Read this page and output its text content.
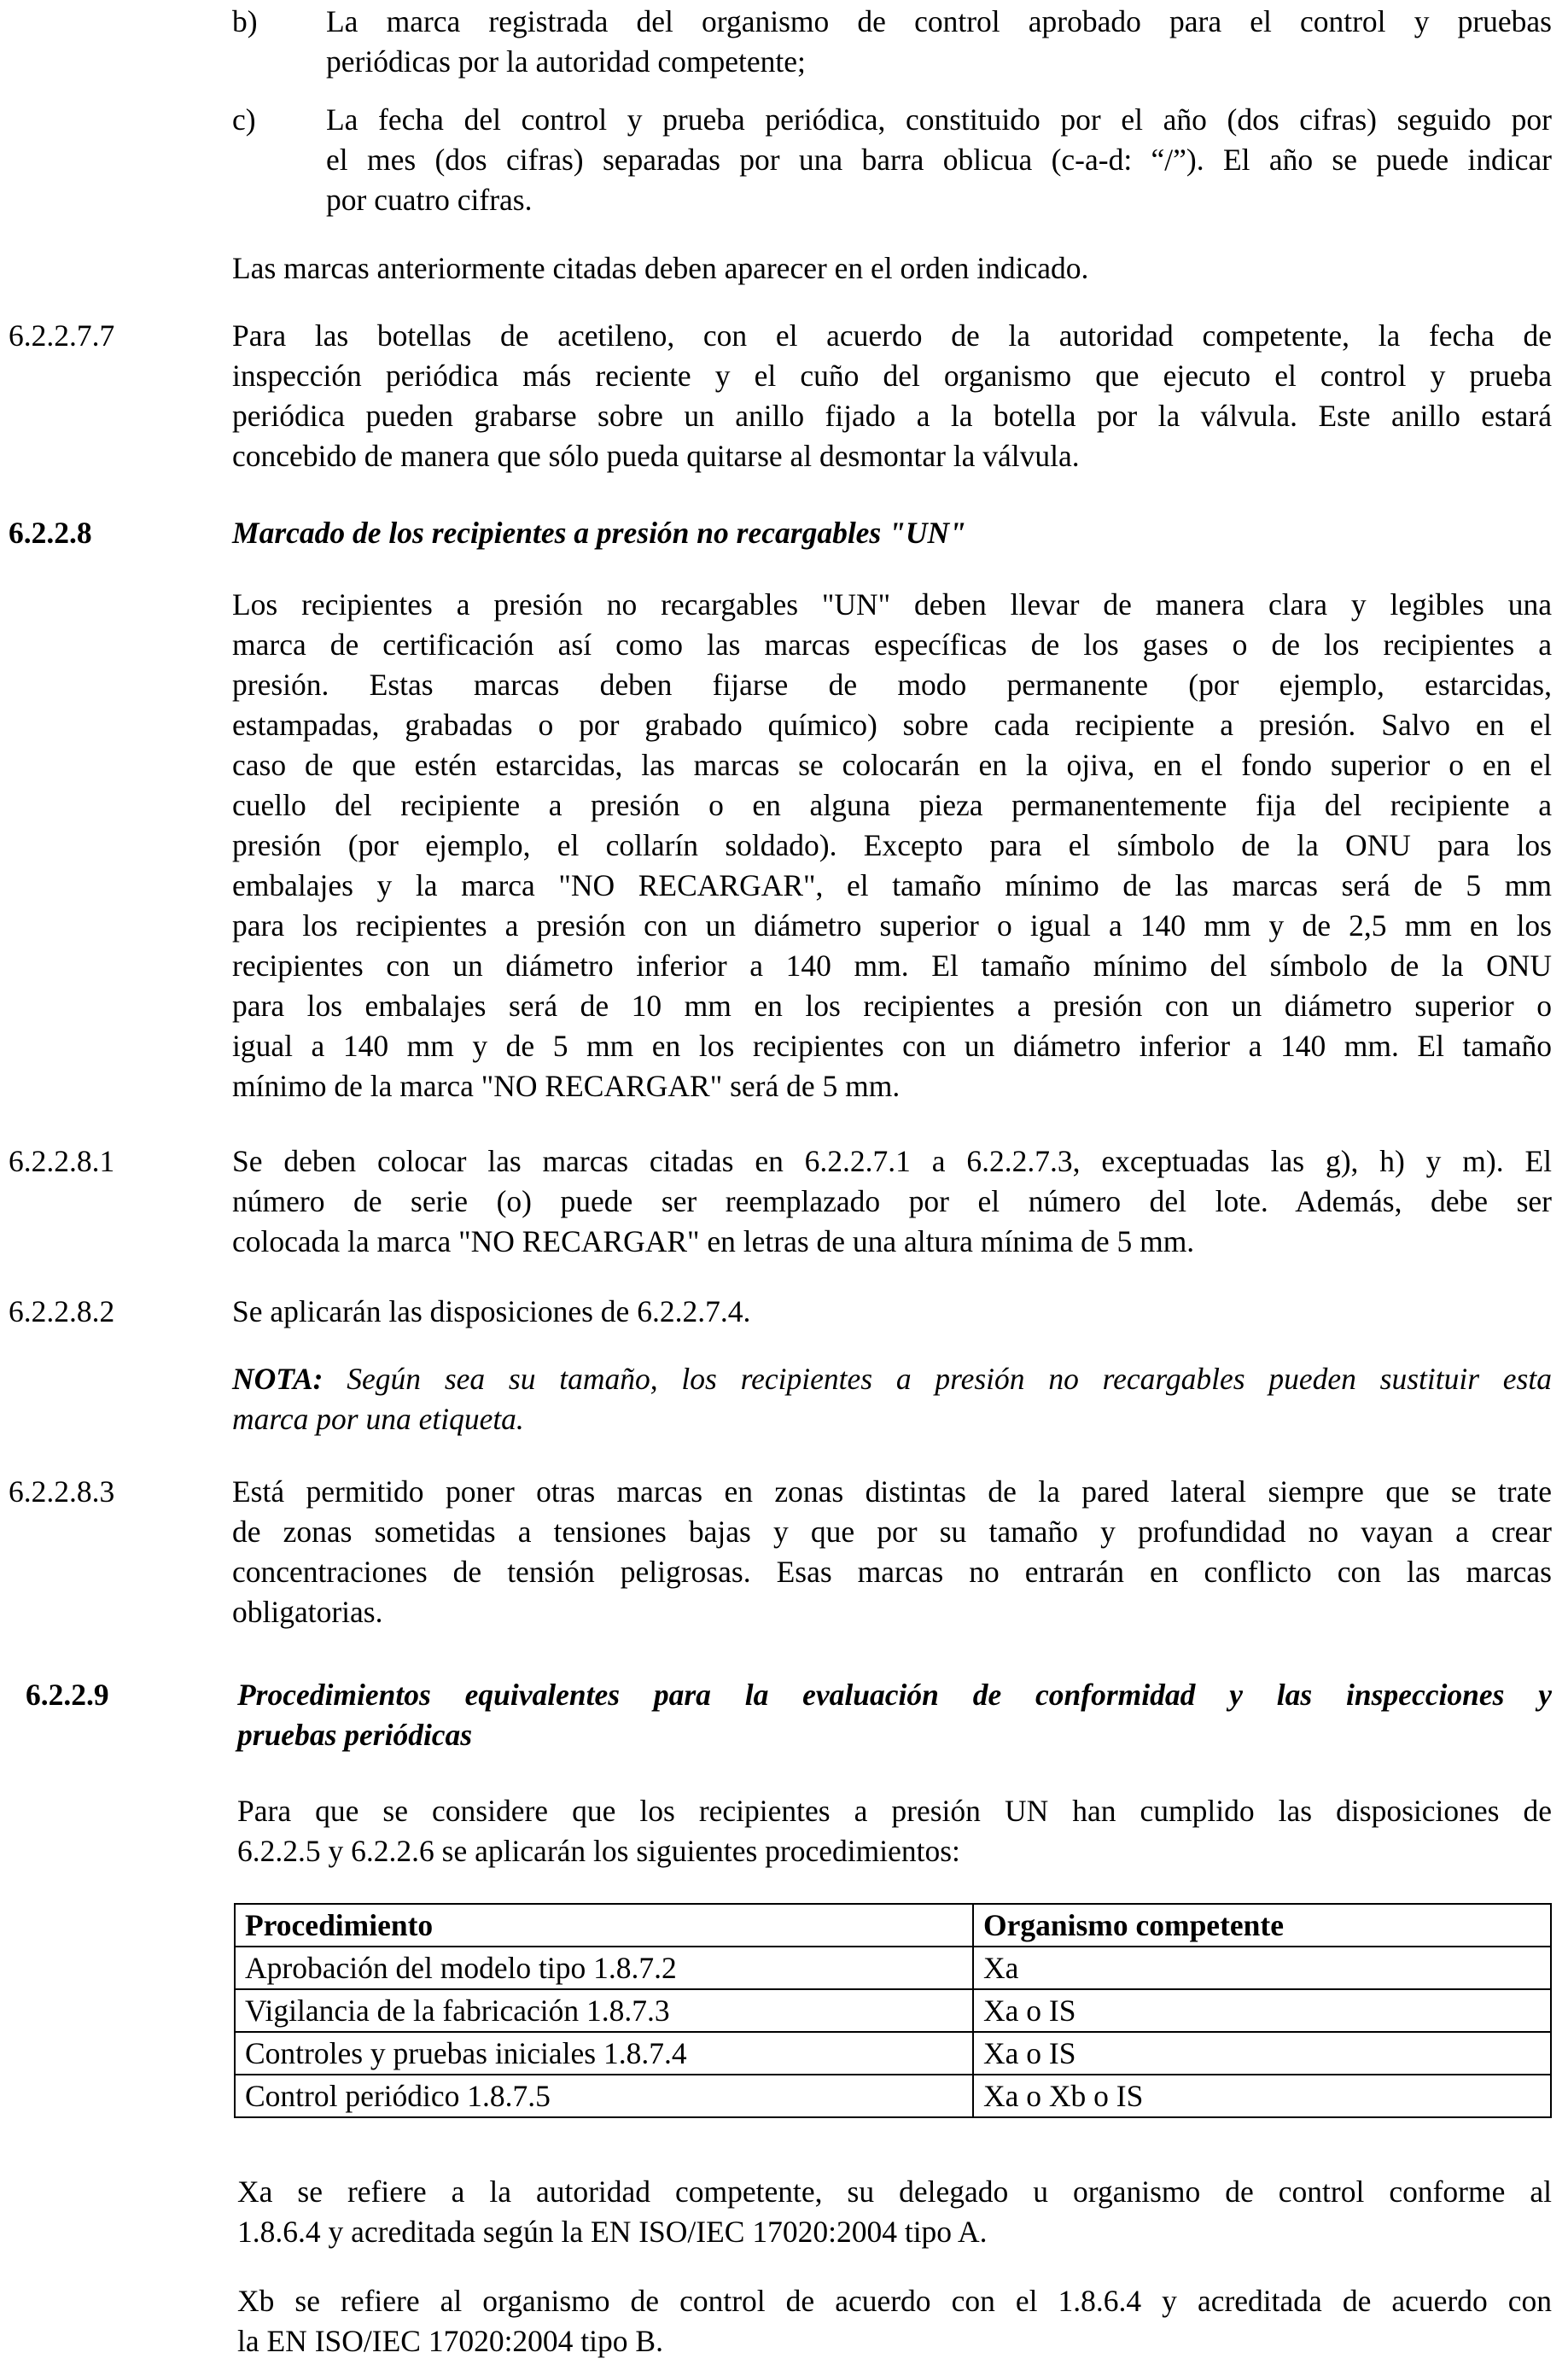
b) La marca registrada del organismo de control aprobado para el control y pruebas
periódicas por la autoridad competente;
c) La fecha del control y prueba periódica, constituido por el año (dos cifras) seguido por
el mes (dos cifras) separadas por una barra oblicua (c-a-d: “/”). El año se puede indicar
por cuatro cifras.
Las marcas anteriormente citadas deben aparecer en el orden indicado.
6.2.2.7.7	Para las botellas de acetileno, con el acuerdo de la autoridad competente, la fecha de
inspección periódica más reciente y el cuño del organismo que ejecuto el control y prueba
periódica pueden grabarse sobre un anillo fijado a la botella por la válvula. Este anillo estará
concebido de manera que sólo pueda quitarse al desmontar la válvula.
6.2.2.8	Marcado de los recipientes a presión no recargables "UN"
Los recipientes a presión no recargables "UN" deben llevar de manera clara y legibles una
marca de certificación así como las marcas específicas de los gases o de los recipientes a
presión. Estas marcas deben fijarse de modo permanente (por ejemplo, estarcidas,
estampadas, grabadas o por grabado químico) sobre cada recipiente a presión. Salvo en el
caso de que estén estarcidas, las marcas se colocarán en la ojiva, en el fondo superior o en el
cuello del recipiente a presión o en alguna pieza permanentemente fija del recipiente a
presión (por ejemplo, el collarín soldado). Excepto para el símbolo de la ONU para los
embalajes y la marca "NO RECARGAR", el tamaño mínimo de las marcas será de 5 mm
para los recipientes a presión con un diámetro superior o igual a 140 mm y de 2,5 mm en los
recipientes con un diámetro inferior a 140 mm. El tamaño mínimo del símbolo de la ONU
para los embalajes será de 10 mm en los recipientes a presión con un diámetro superior o
igual a 140 mm y de 5 mm en los recipientes con un diámetro inferior a 140 mm. El tamaño
mínimo de la marca "NO RECARGAR" será de 5 mm.
6.2.2.8.1	Se deben colocar las marcas citadas en 6.2.2.7.1 a 6.2.2.7.3, exceptuadas las g), h) y m). El
número de serie (o) puede ser reemplazado por el número del lote. Además, debe ser
colocada la marca "NO RECARGAR" en letras de una altura mínima de 5 mm.
6.2.2.8.2	Se aplicarán las disposiciones de 6.2.2.7.4.
NOTA: Según sea su tamaño, los recipientes a presión no recargables pueden sustituir esta
marca por una etiqueta.
6.2.2.8.3	Está permitido poner otras marcas en zonas distintas de la pared lateral siempre que se trate
de zonas sometidas a tensiones bajas y que por su tamaño y profundidad no vayan a crear
concentraciones de tensión peligrosas. Esas marcas no entrarán en conflicto con las marcas
obligatorias.
6.2.2.9	Procedimientos equivalentes para la evaluación de conformidad y las inspecciones y
pruebas periódicas
Para que se considere que los recipientes a presión UN han cumplido las disposiciones de
6.2.2.5 y 6.2.2.6 se aplicarán los siguientes procedimientos:
Procedimiento	Organismo competente
Aprobación del modelo tipo 1.8.7.2	Xa
Vigilancia de la fabricación 1.8.7.3	Xa o IS
Controles y pruebas iniciales 1.8.7.4	Xa o IS
Control periódico 1.8.7.5	Xa o Xb o IS
Xa se refiere a la autoridad competente, su delegado u organismo de control conforme al
1.8.6.4 y acreditada según la EN ISO/IEC 17020:2004 tipo A.
Xb se refiere al organismo de control de acuerdo con el 1.8.6.4 y acreditada de acuerdo con
la EN ISO/IEC 17020:2004 tipo B.
